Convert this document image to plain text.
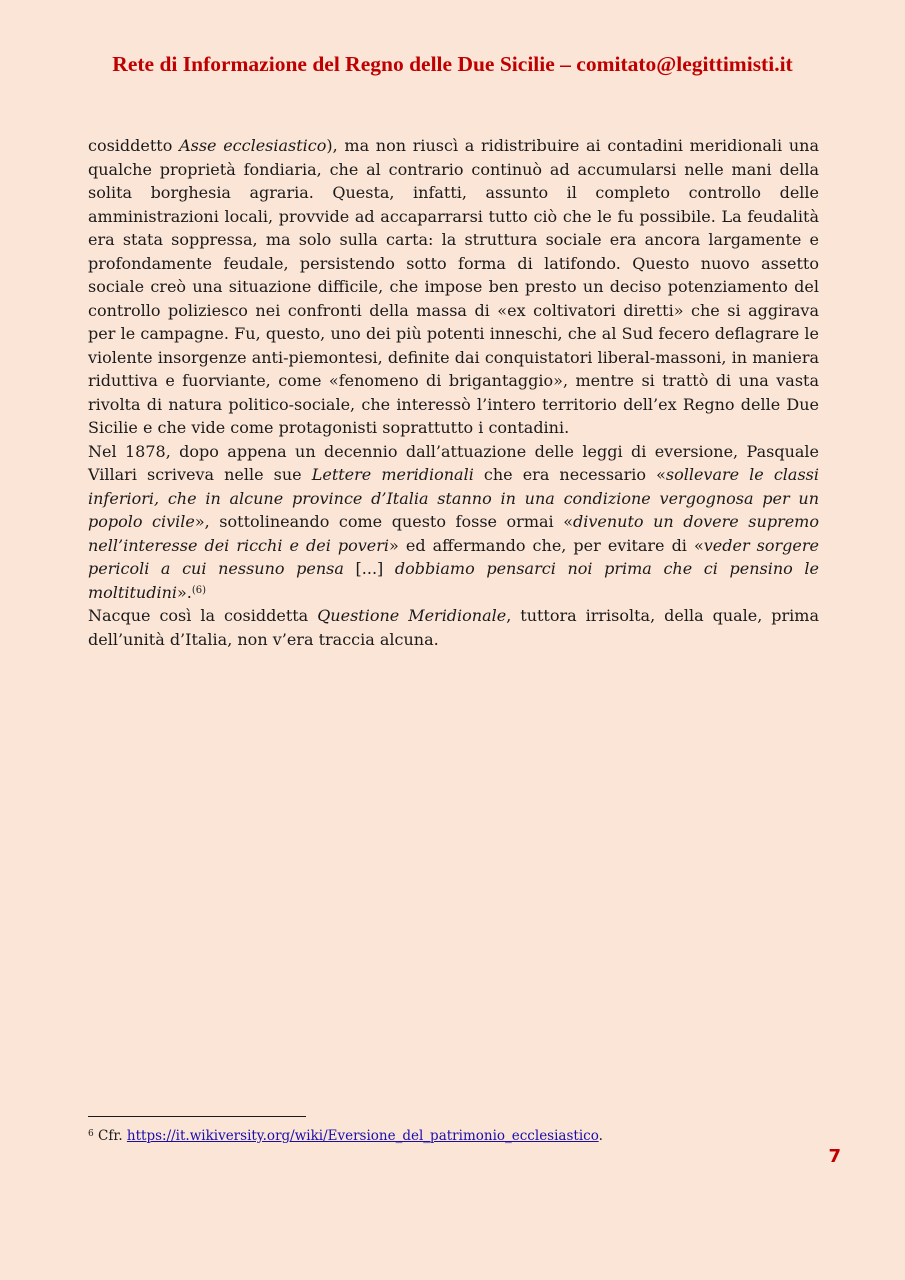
Rete di Informazione del Regno delle Due Sicilie – comitato@legittimisti.it

cosiddetto Asse ecclesiastico), ma non riuscì a ridistribuire ai contadini meridionali una qualche proprietà fondiaria, che al contrario continuò ad accumularsi nelle mani della solita borghesia agraria. Questa, infatti, assunto il completo controllo delle amministrazioni locali, provvide ad accaparrarsi tutto ciò che le fu possibile. La feudalità era stata soppressa, ma solo sulla carta: la struttura sociale era ancora largamente e profondamente feudale, persistendo sotto forma di latifondo. Questo nuovo assetto sociale creò una situazione difficile, che impose ben presto un deciso potenziamento del controllo poliziesco nei confronti della massa di «ex coltivatori diretti» che si aggirava per le campagne. Fu, questo, uno dei più potenti inneschi, che al Sud fecero deflagrare le violente insorgenze anti-piemontesi, definite dai conquistatori liberal-massoni, in maniera riduttiva e fuorviante, come «fenomeno di brigantaggio», mentre si trattò di una vasta rivolta di natura politico-sociale, che interessò l’intero territorio dell’ex Regno delle Due Sicilie e che vide come protagonisti soprattutto i contadini.

Nel 1878, dopo appena un decennio dall’attuazione delle leggi di eversione, Pasquale Villari scriveva nelle sue Lettere meridionali che era necessario «sollevare le classi inferiori, che in alcune province d’Italia stanno in una condizione vergognosa per un popolo civile», sottolineando come questo fosse ormai «divenuto un dovere supremo nell’interesse dei ricchi e dei poveri» ed affermando che, per evitare di «veder sorgere pericoli a cui nessuno pensa [...] dobbiamo pensarci noi prima che ci pensino le moltitudini».$^{(6)}$

Nacque così la cosiddetta Questione Meridionale, tuttora irrisolta, della quale, prima dell’unità d’Italia, non v’era traccia alcuna.

$^6$ Cfr. https://it.wikiversity.org/wiki/Eversione_del_patrimonio_ecclesiastico.
7
